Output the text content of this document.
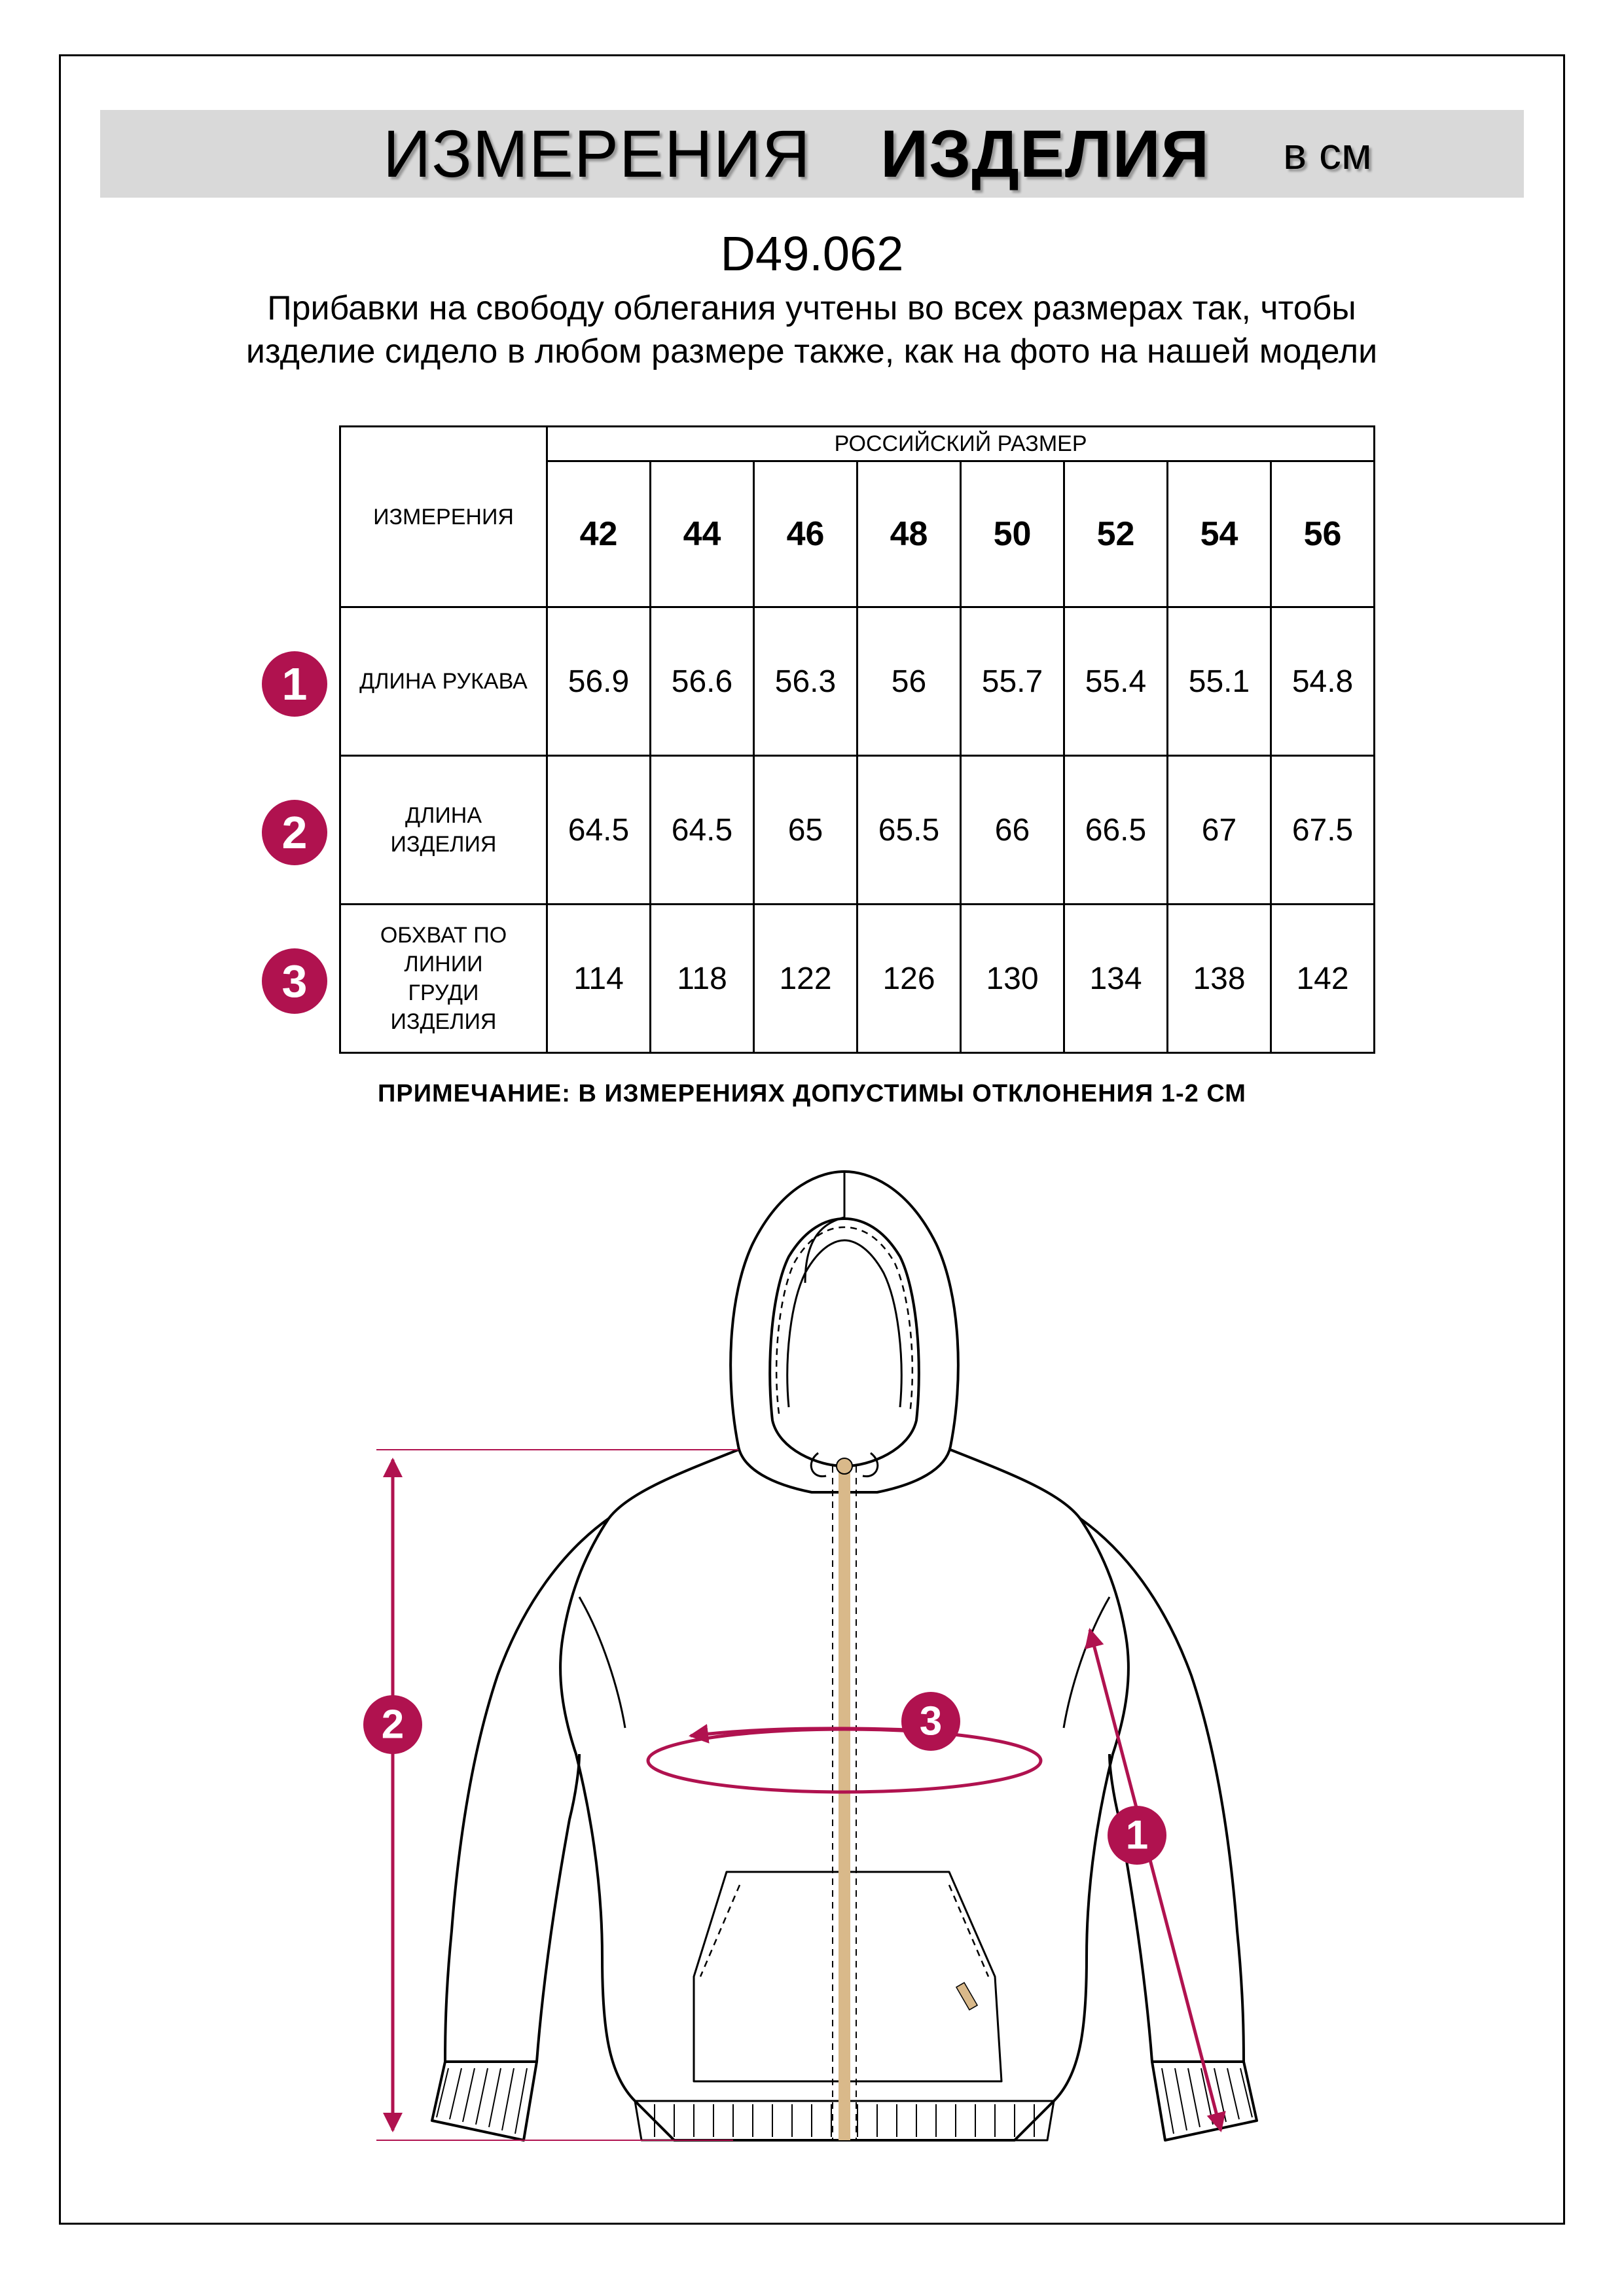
ИЗМЕРЕНИЯ ИЗДЕЛИЯ в см
D49.062
Прибавки на свободу облегания учтены во всех размерах так, чтобы изделие сидело в любом размере также, как на фото на нашей модели
ИЗМЕРЕНИЯ	РОССИЙСКИЙ РАЗМЕР							
	42	44	46	48	50	52	54	56
ДЛИНА РУКАВА	56.9	56.6	56.3	56	55.7	55.4	55.1	54.8
ДЛИНА ИЗДЕЛИЯ	64.5	64.5	65	65.5	66	66.5	67	67.5
ОБХВАТ ПО ЛИНИИ ГРУДИ ИЗДЕЛИЯ	114	118	122	126	130	134	138	142
1
2
3
ПРИМЕЧАНИЕ: В ИЗМЕРЕНИЯХ ДОПУСТИМЫ ОТКЛОНЕНИЯ 1-2 СМ
2	3
1
